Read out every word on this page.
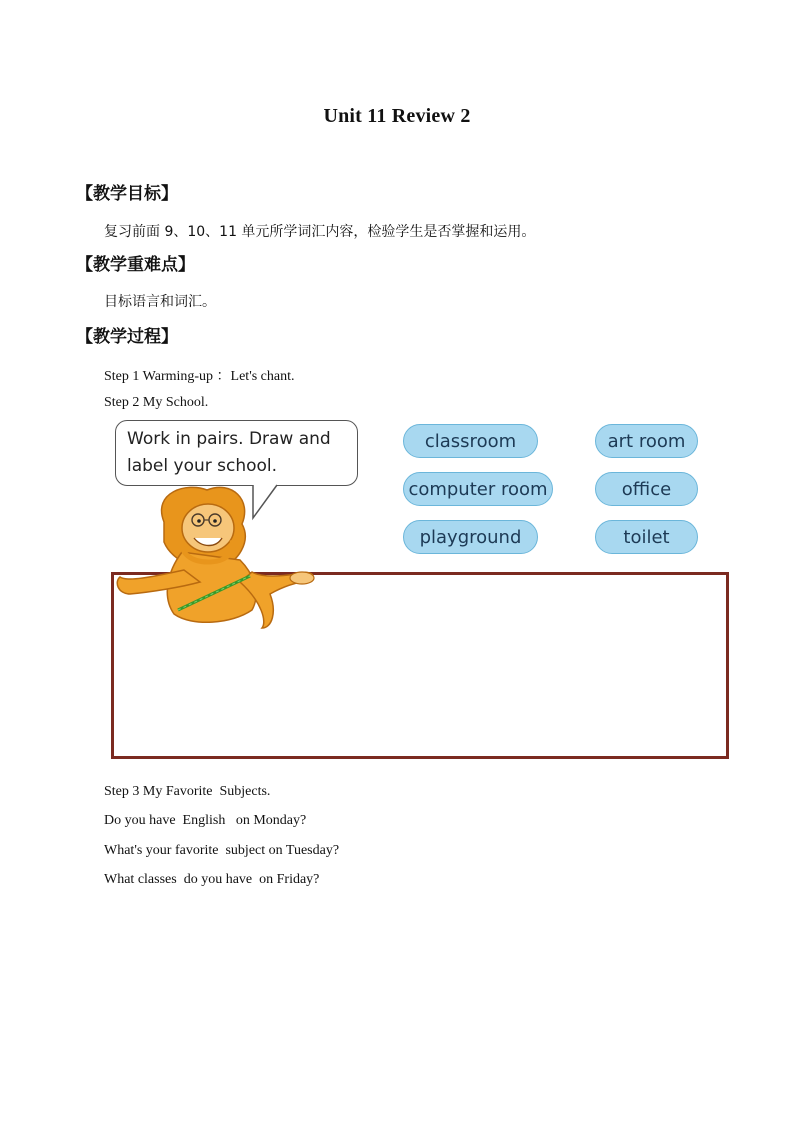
Unit 11 Review 2
【教学目标】
复习前面 9、10、11 单元所学词汇内容，检验学生是否掌握和运用。
【教学重难点】
目标语言和词汇。
【教学过程】
Step 1 Warming-up ：Let's chant.
Step 2 My School.
Work in pairs. Draw and
label your school.
classroom	art room
computer room	office
playground	toilet
Step 3 My Favorite  Subjects.
Do you have  English   on Monday?
What's your favorite  subject on Tuesday?
What classes  do you have  on Friday?
